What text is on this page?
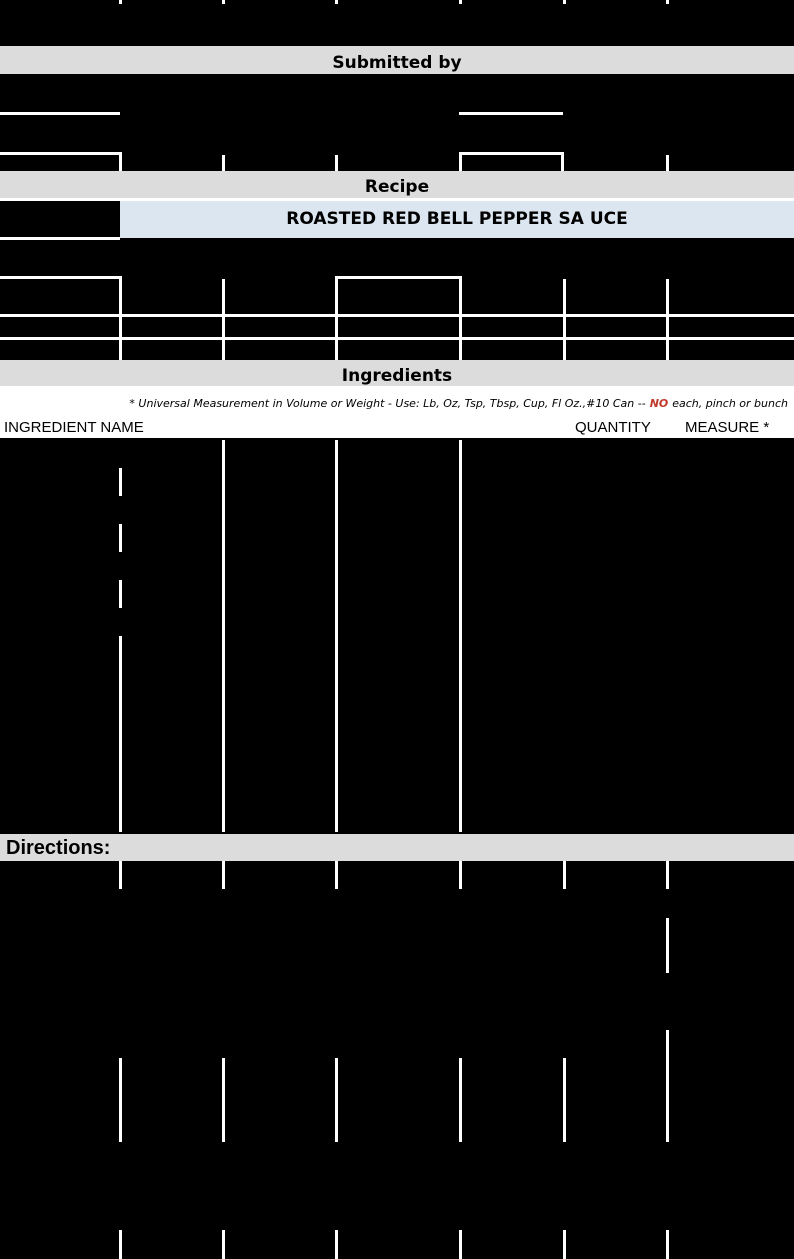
Submitted by
Recipe
ROASTED RED BELL PEPPER SA UCE
Ingredients
* Universal Measurement in Volume or Weight - Use: Lb, Oz, Tsp, Tbsp, Cup, Fl Oz.,#10 Can -- NO each, pinch or bunch
INGREDIENT NAME	QUANTITY MEASURE *
Directions:
